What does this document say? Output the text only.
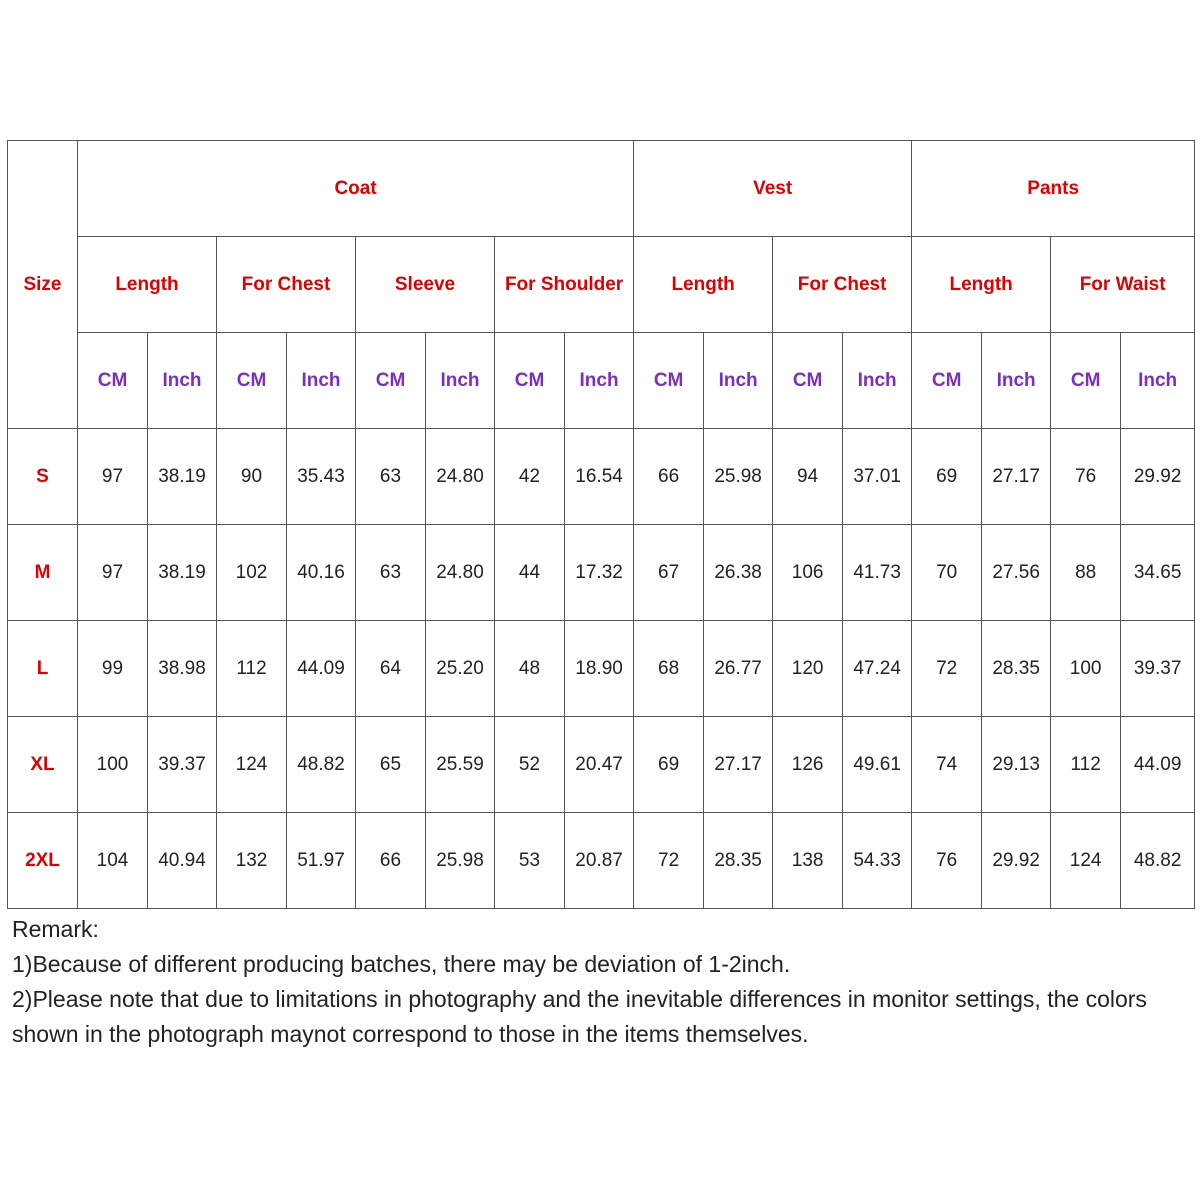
Size	Coat								Vest				Pants			
	Length		For Chest		Sleeve		For Shoulder		Length		For Chest		Length		For Waist	
	CM	Inch	CM	Inch	CM	Inch	CM	Inch	CM	Inch	CM	Inch	CM	Inch	CM	Inch
S	97	38.19	90	35.43	63	24.80	42	16.54	66	25.98	94	37.01	69	27.17	76	29.92
M	97	38.19	102	40.16	63	24.80	44	17.32	67	26.38	106	41.73	70	27.56	88	34.65
L	99	38.98	112	44.09	64	25.20	48	18.90	68	26.77	120	47.24	72	28.35	100	39.37
XL	100	39.37	124	48.82	65	25.59	52	20.47	69	27.17	126	49.61	74	29.13	112	44.09
2XL	104	40.94	132	51.97	66	25.98	53	20.87	72	28.35	138	54.33	76	29.92	124	48.82
Remark:
1)Because of different producing batches, there may be deviation of 1-2inch.
2)Please note that due to limitations in photography and the inevitable differences in monitor settings, the colors shown in the photograph maynot correspond to those in the items themselves.
